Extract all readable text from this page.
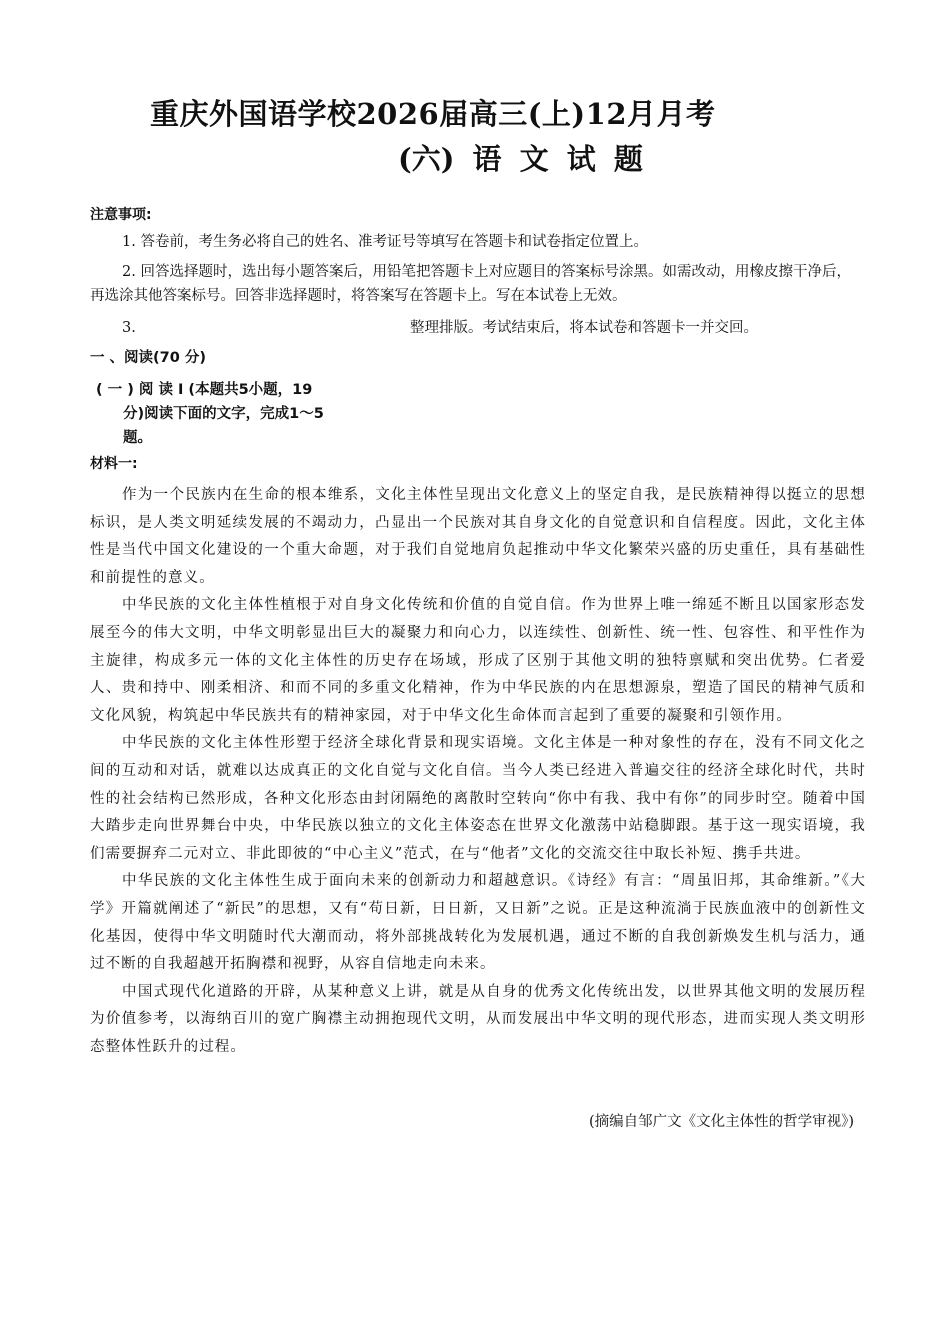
重庆外国语学校2026届高三(上)12月月考
(六) 语 文 试 题
注意事项:
1. 答卷前，考生务必将自己的姓名、准考证号等填写在答题卡和试卷指定位置上。
2. 回答选择题时，选出每小题答案后，用铅笔把答题卡上对应题目的答案标号涂黑。如需改动，用橡皮擦干净后，再选涂其他答案标号。回答非选择题时，将答案写在答题卡上。写在本试卷上无效。
3.	整理排版。考试结束后，将本试卷和答题卡一并交回。
一 、阅读(70 分)
( 一 ) 阅 读 I (本题共5小题，19
分)阅读下面的文字，完成1～5
题。
材料一:

作为一个民族内在生命的根本维系，文化主体性呈现出文化意义上的坚定自我，是民族精神得以挺立的思想标识，是人类文明延续发展的不竭动力，凸显出一个民族对其自身文化的自觉意识和自信程度。因此，文化主体性是当代中国文化建设的一个重大命题，对于我们自觉地肩负起推动中华文化繁荣兴盛的历史重任，具有基础性和前提性的意义。

中华民族的文化主体性植根于对自身文化传统和价值的自觉自信。作为世界上唯一绵延不断且以国家形态发展至今的伟大文明，中华文明彰显出巨大的凝聚力和向心力，以连续性、创新性、统一性、包容性、和平性作为主旋律，构成多元一体的文化主体性的历史存在场域，形成了区别于其他文明的独特禀赋和突出优势。仁者爱人、贵和持中、刚柔相济、和而不同的多重文化精神，作为中华民族的内在思想源泉，塑造了国民的精神气质和文化风貌，构筑起中华民族共有的精神家园，对于中华文化生命体而言起到了重要的凝聚和引领作用。

中华民族的文化主体性形塑于经济全球化背景和现实语境。文化主体是一种对象性的存在，没有不同文化之间的互动和对话，就难以达成真正的文化自觉与文化自信。当今人类已经进入普遍交往的经济全球化时代，共时性的社会结构已然形成，各种文化形态由封闭隔绝的离散时空转向“你中有我、我中有你”的同步时空。随着中国大踏步走向世界舞台中央，中华民族以独立的文化主体姿态在世界文化激荡中站稳脚跟。基于这一现实语境，我们需要摒弃二元对立、非此即彼的“中心主义”范式，在与“他者”文化的交流交往中取长补短、携手共进。

中华民族的文化主体性生成于面向未来的创新动力和超越意识。《诗经》有言：“周虽旧邦，其命维新。”《大学》开篇就阐述了“新民”的思想，又有“苟日新，日日新，又日新”之说。正是这种流淌于民族血液中的创新性文化基因，使得中华文明随时代大潮而动，将外部挑战转化为发展机遇，通过不断的自我创新焕发生机与活力，通过不断的自我超越开拓胸襟和视野，从容自信地走向未来。

中国式现代化道路的开辟，从某种意义上讲，就是从自身的优秀文化传统出发，以世界其他文明的发展历程为价值参考，以海纳百川的宽广胸襟主动拥抱现代文明，从而发展出中华文明的现代形态，进而实现人类文明形态整体性跃升的过程。

(摘编自邹广文《文化主体性的哲学审视》)
